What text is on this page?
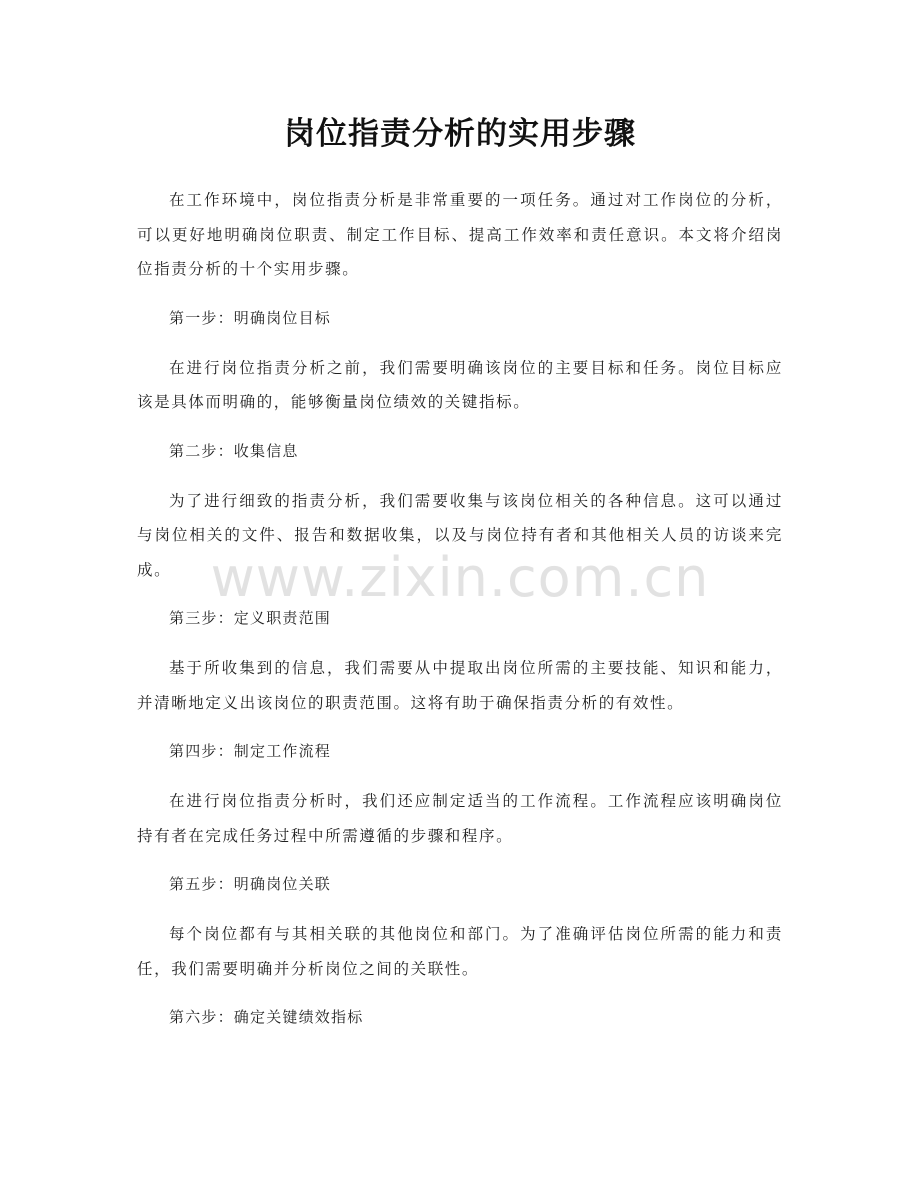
岗位指责分析的实用步骤

在工作环境中，岗位指责分析是非常重要的一项任务。通过对工作岗位的分析，可以更好地明确岗位职责、制定工作目标、提高工作效率和责任意识。本文将介绍岗位指责分析的十个实用步骤。

第一步：明确岗位目标

在进行岗位指责分析之前，我们需要明确该岗位的主要目标和任务。岗位目标应该是具体而明确的，能够衡量岗位绩效的关键指标。

第二步：收集信息

为了进行细致的指责分析，我们需要收集与该岗位相关的各种信息。这可以通过与岗位相关的文件、报告和数据收集，以及与岗位持有者和其他相关人员的访谈来完成。

第三步：定义职责范围

基于所收集到的信息，我们需要从中提取出岗位所需的主要技能、知识和能力，并清晰地定义出该岗位的职责范围。这将有助于确保指责分析的有效性。

第四步：制定工作流程

在进行岗位指责分析时，我们还应制定适当的工作流程。工作流程应该明确岗位持有者在完成任务过程中所需遵循的步骤和程序。

第五步：明确岗位关联

每个岗位都有与其相关联的其他岗位和部门。为了准确评估岗位所需的能力和责任，我们需要明确并分析岗位之间的关联性。

第六步：确定关键绩效指标

www.zixin.com.cn
